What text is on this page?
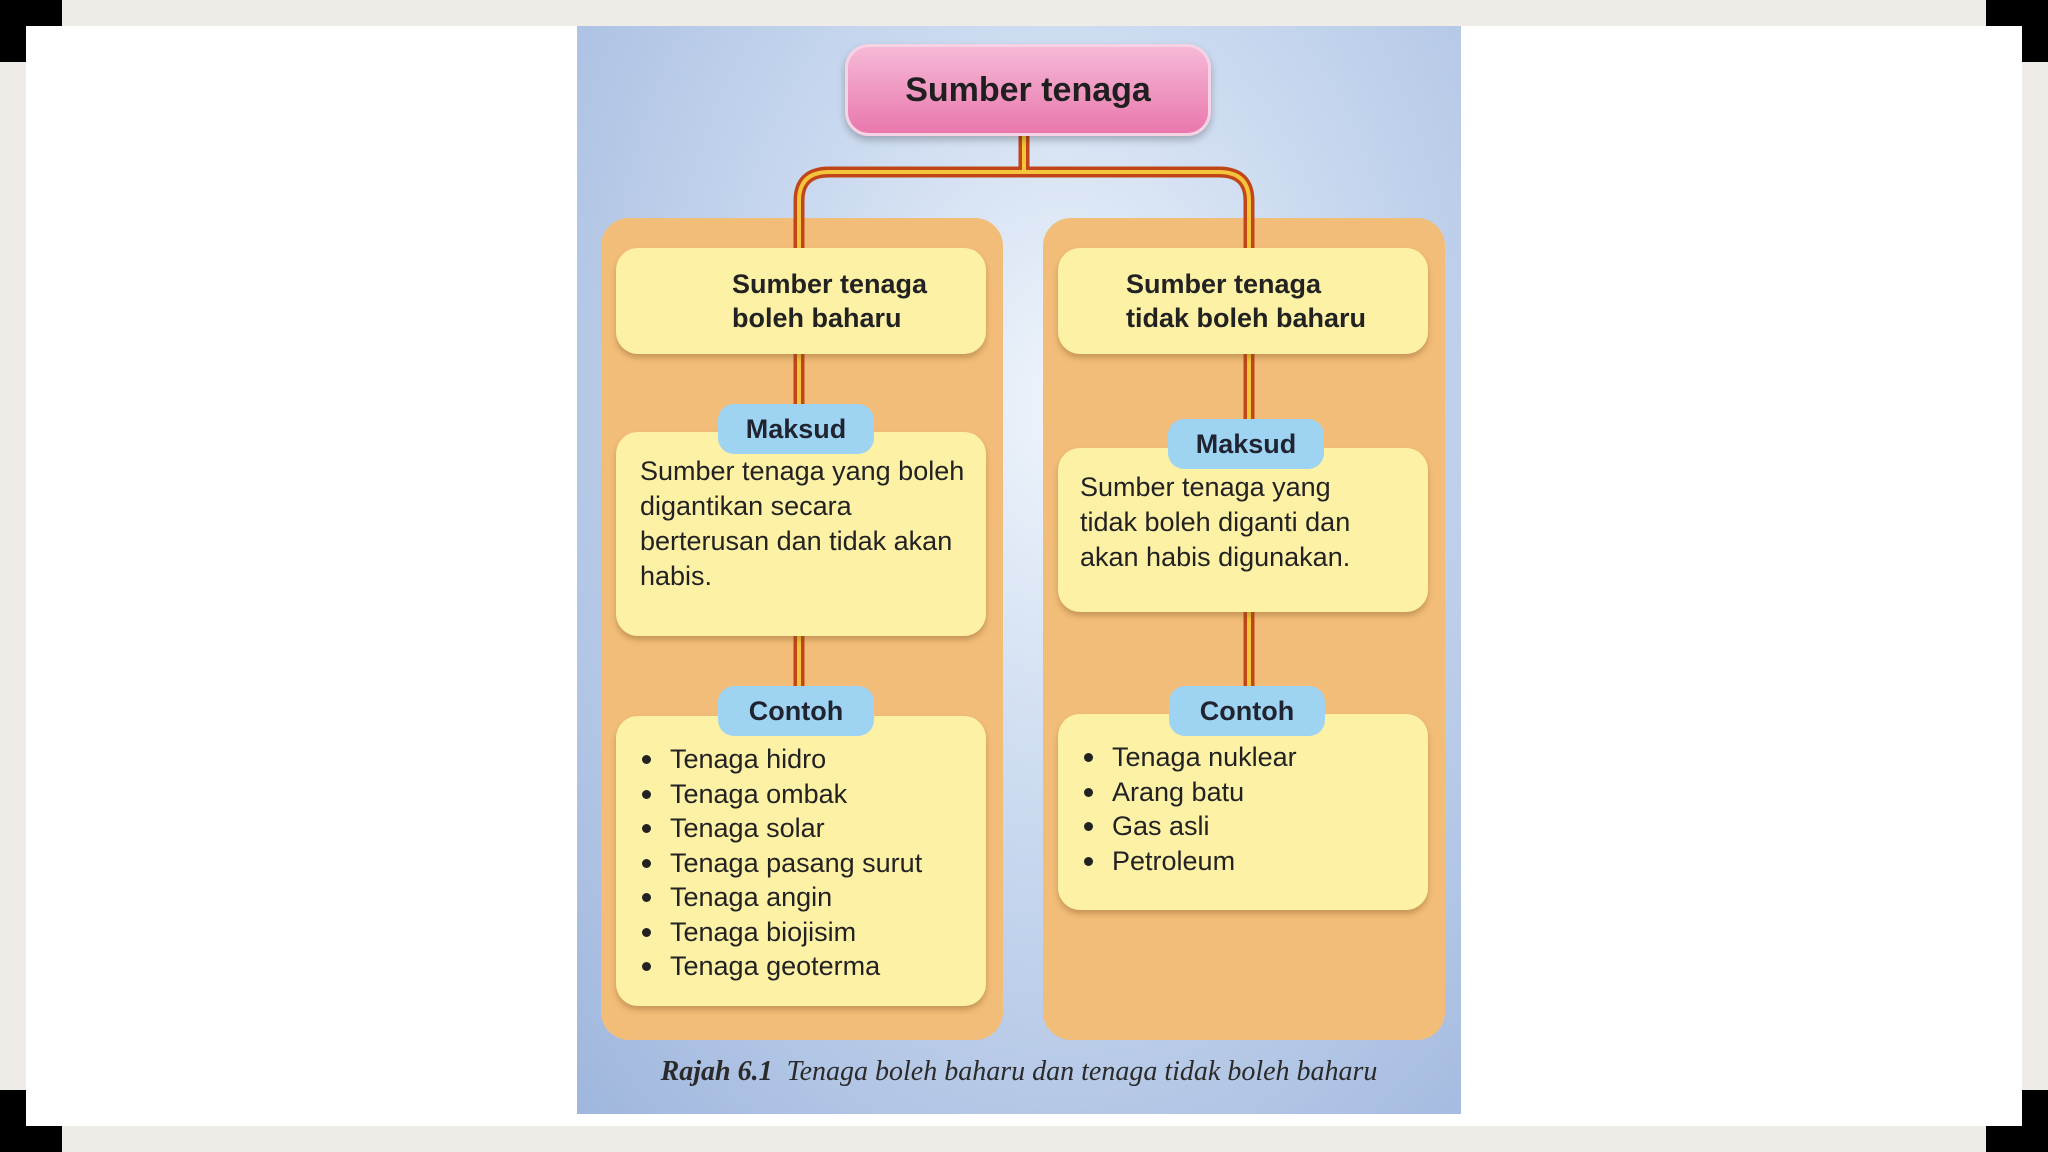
Sumber tenaga
Sumber tenaga
boleh baharu
Sumber tenaga yang boleh digantikan secara berterusan dan tidak akan habis.
Maksud
Tenaga hidro
Tenaga ombak
Tenaga solar
Tenaga pasang surut
Tenaga angin
Tenaga biojisim
Tenaga geoterma
Contoh
Sumber tenaga
tidak boleh baharu
Sumber tenaga yang tidak boleh diganti dan akan habis digunakan.
Maksud
Tenaga nuklear
Arang batu
Gas asli
Petroleum
Contoh
Rajah 6.1 Tenaga boleh baharu dan tenaga tidak boleh baharu
